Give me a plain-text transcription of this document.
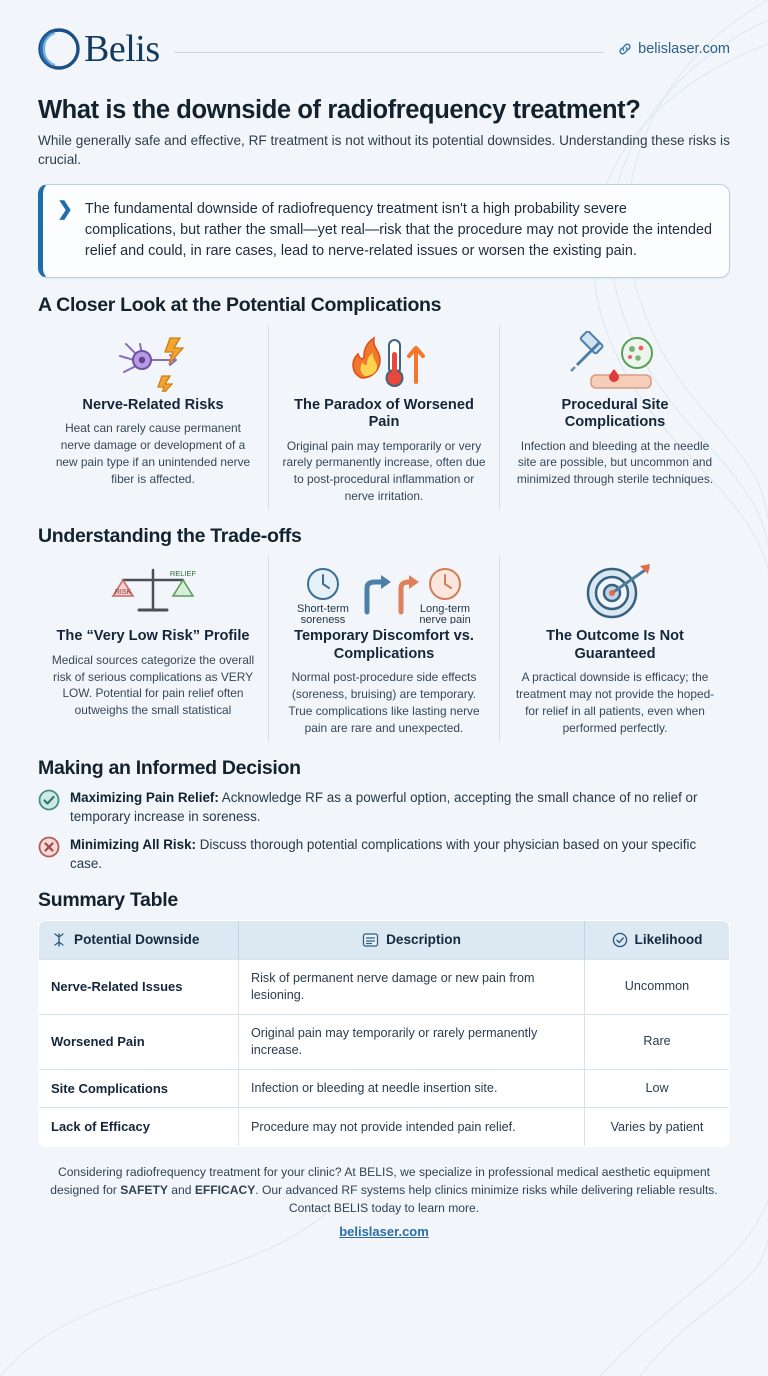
Belis	belislaser.com
What is the downside of radiofrequency treatment?

While generally safe and effective, RF treatment is not without its potential downsides. Understanding these risks is crucial.

❯ The fundamental downside of radiofrequency treatment isn't a high probability severe complications, but rather the small—yet real—risk that the procedure may not provide the intended relief and could, in rare cases, lead to nerve-related issues or worsen the existing pain.

A Closer Look at the Potential Complications
Nerve-Related Risks
Heat can rarely cause permanent nerve damage or development of a new pain type if an unintended nerve fiber is affected.
The Paradox of Worsened Pain
Original pain may temporarily or very rarely permanently increase, often due to post-procedural inflammation or nerve irritation.
Procedural Site Complications
Infection and bleeding at the needle site are possible, but uncommon and minimized through sterile techniques.
Understanding the Trade-offs
RISK
RELIEF
The “Very Low Risk” Profile
Medical sources categorize the overall risk of serious complications as VERY LOW. Potential for pain relief often outweighs the small statistical
Short-term
soreness
Long-term
nerve pain
Temporary Discomfort vs. Complications
Normal post-procedure side effects (soreness, bruising) are temporary. True complications like lasting nerve pain are rare and unexpected.
The Outcome Is Not Guaranteed
A practical downside is efficacy; the treatment may not provide the hoped-for relief in all patients, even when performed perfectly.
Making an Informed Decision
Maximizing Pain Relief: Acknowledge RF as a powerful option, accepting the small chance of no relief or temporary increase in soreness.
Minimizing All Risk: Discuss thorough potential complications with your physician based on your specific case.
Summary Table
Potential Downside	Description	Likelihood

Nerve-Related Issues	Risk of permanent nerve damage or new pain from lesioning.	Uncommon
Worsened Pain	Original pain may temporarily or rarely permanently increase.	Rare
Site Complications	Infection or bleeding at needle insertion site.	Low
Lack of Efficacy	Procedure may not provide intended pain relief.	Varies by patient

Considering radiofrequency treatment for your clinic? At BELIS, we specialize in professional medical aesthetic equipment designed for SAFETY and EFFICACY. Our advanced RF systems help clinics minimize risks while delivering reliable results. Contact BELIS today to learn more.

belislaser.com
